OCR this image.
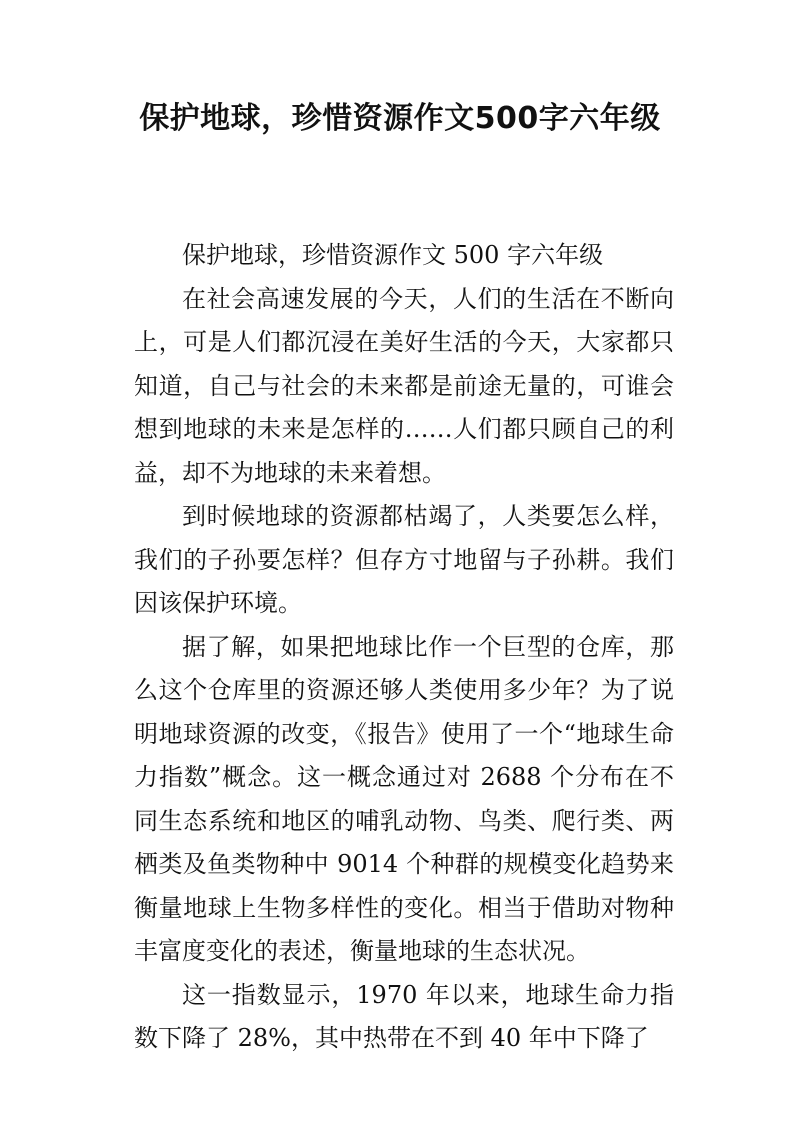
保护地球，珍惜资源作文500字六年级

保护地球，珍惜资源作文 500 字六年级

在社会高速发展的今天，人们的生活在不断向上，可是人们都沉浸在美好生活的今天，大家都只知道，自己与社会的未来都是前途无量的，可谁会想到地球的未来是怎样的……人们都只顾自己的利益，却不为地球的未来着想。

到时候地球的资源都枯竭了，人类要怎么样，我们的子孙要怎样？但存方寸地留与子孙耕。我们因该保护环境。

据了解，如果把地球比作一个巨型的仓库，那么这个仓库里的资源还够人类使用多少年？为了说明地球资源的改变，《报告》使用了一个“地球生命力指数”概念。这一概念通过对 2688 个分布在不同生态系统和地区的哺乳动物、鸟类、爬行类、两栖类及鱼类物种中 9014 个种群的规模变化趋势来衡量地球上生物多样性的变化。相当于借助对物种丰富度变化的表述，衡量地球的生态状况。

这一指数显示，1970 年以来，地球生命力指数下降了 28%，其中热带在不到 40 年中下降了
